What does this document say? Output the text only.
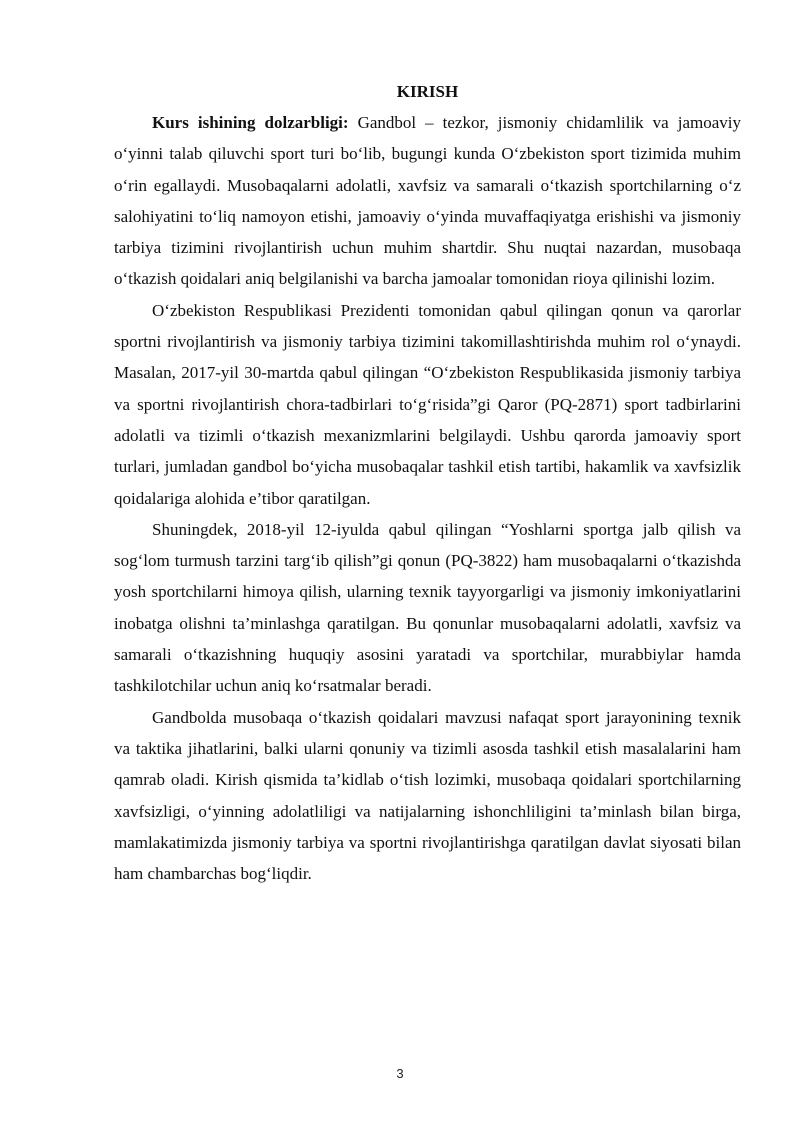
KIRISH

Kurs ishining dolzarbligi: Gandbol – tezkor, jismoniy chidamlilik va jamoaviy o‘yinni talab qiluvchi sport turi bo‘lib, bugungi kunda O‘zbekiston sport tizimida muhim o‘rin egallaydi. Musobaqalarni adolatli, xavfsiz va samarali o‘tkazish sportchilarning o‘z salohiyatini to‘liq namoyon etishi, jamoaviy o‘yinda muvaffaqiyatga erishishi va jismoniy tarbiya tizimini rivojlantirish uchun muhim shartdir. Shu nuqtai nazardan, musobaqa o‘tkazish qoidalari aniq belgilanishi va barcha jamoalar tomonidan rioya qilinishi lozim.

O‘zbekiston Respublikasi Prezidenti tomonidan qabul qilingan qonun va qarorlar sportni rivojlantirish va jismoniy tarbiya tizimini takomillashtirishda muhim rol o‘ynaydi. Masalan, 2017-yil 30-martda qabul qilingan “O‘zbekiston Respublikasida jismoniy tarbiya va sportni rivojlantirish chora-tadbirlari to‘g‘risida”gi Qaror (PQ-2871) sport tadbirlarini adolatli va tizimli o‘tkazish mexanizmlarini belgilaydi. Ushbu qarorda jamoaviy sport turlari, jumladan gandbol bo‘yicha musobaqalar tashkil etish tartibi, hakamlik va xavfsizlik qoidalariga alohida e’tibor qaratilgan.

Shuningdek, 2018-yil 12-iyulda qabul qilingan “Yoshlarni sportga jalb qilish va sog‘lom turmush tarzini targ‘ib qilish”gi qonun (PQ-3822) ham musobaqalarni o‘tkazishda yosh sportchilarni himoya qilish, ularning texnik tayyorgarligi va jismoniy imkoniyatlarini inobatga olishni ta’minlashga qaratilgan. Bu qonunlar musobaqalarni adolatli, xavfsiz va samarali o‘tkazishning huquqiy asosini yaratadi va sportchilar, murabbiylar hamda tashkilotchilar uchun aniq ko‘rsatmalar beradi.

Gandbolda musobaqa o‘tkazish qoidalari mavzusi nafaqat sport jarayonining texnik va taktika jihatlarini, balki ularni qonuniy va tizimli asosda tashkil etish masalalarini ham qamrab oladi. Kirish qismida ta’kidlab o‘tish lozimki, musobaqa qoidalari sportchilarning xavfsizligi, o‘yinning adolatliligi va natijalarning ishonchliligini ta’minlash bilan birga, mamlakatimizda jismoniy tarbiya va sportni rivojlantirishga qaratilgan davlat siyosati bilan ham chambarchas bog‘liqdir.

3
